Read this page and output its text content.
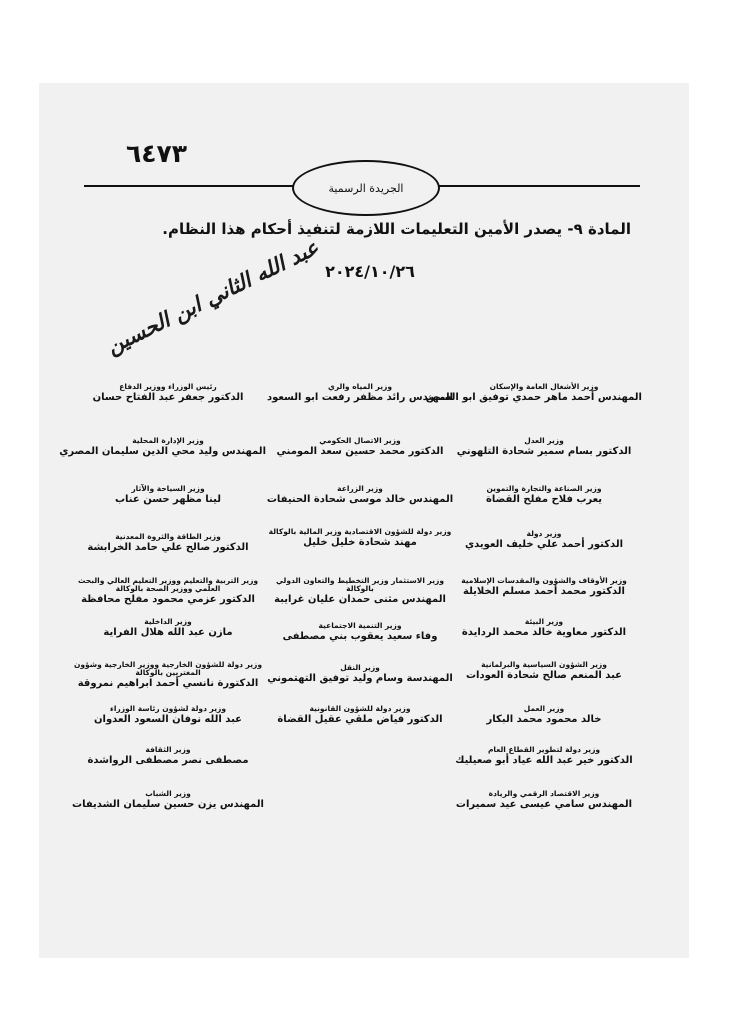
٦٤٧٣
الجريدة الرسمية
المادة ٩- يصدر الأمين التعليمات اللازمة لتنفيذ أحكام هذا النظام.
٢٠٢٤/١٠/٢٦
عبد الله الثاني ابن الحسين
رئيس الوزراء ووزير الدفاع
الدكتور جعفر عبد الفتاح حسان
وزير المياه والري
المهندس رائد مظفر رفعت ابو السعود
وزير الأشغال العامة والإسكان
المهندس أحمد ماهر حمدي توفيق ابو السمن
وزير الإدارة المحلية
المهندس وليد محي الدين سليمان المصري
وزير الاتصال الحكومي
الدكتور محمد حسين سعد المومني
وزير العدل
الدكتور بسام سمير شحادة التلهوني
وزير السياحة والآثار
لينا مظهر حسن عناب
وزير الزراعة
المهندس خالد موسى شحادة الحنيفات
وزير الصناعة والتجارة والتموين
يعرب فلاح مفلح القضاة
وزير الطاقة والثروة المعدنية
الدكتور صالح علي حامد الخرابشة
وزير دولة للشؤون الاقتصادية وزير المالية بالوكالة
مهند شحادة خليل خليل
وزير دولة
الدكتور أحمد علي خليف العويدي
وزير التربية والتعليم ووزير التعليم العالي والبحث العلمي ووزير الصحة بالوكالة
الدكتور عزمي محمود مفلح محافظة
وزير الاستثمار وزير التخطيط والتعاون الدولي بالوكالة
المهندس مثنى حمدان عليان غرايبة
وزير الأوقاف والشؤون والمقدسات الإسلامية
الدكتور محمد أحمد مسلم الخلايلة
وزير الداخلية
مازن عبد الله هلال الفراية
وزير التنمية الاجتماعية
وفاء سعيد يعقوب بني مصطفى
وزير البيئة
الدكتور معاوية خالد محمد الردايدة
وزير دولة للشؤون الخارجية ووزير الخارجية وشؤون المغتربين بالوكالة
الدكتورة نانسي أحمد ابراهيم نمروقة
وزير النقل
المهندسة وسام وليد توفيق التهتموني
وزير الشؤون السياسية والبرلمانية
عبد المنعم صالح شحادة العودات
وزير دولة لشؤون رئاسة الوزراء
عبد الله نوفان السعود العدوان
وزير دولة للشؤون القانونية
الدكتور فياض ملقي عقيل القضاة
وزير العمل
خالد محمود محمد البكار
وزير الثقافة
مصطفى نصر مصطفى الرواشدة
وزير دولة لتطوير القطاع العام
الدكتور خير عبد الله عياد أبو صعيليك
وزير الشباب
المهندس يزن حسين سليمان الشديفات
وزير الاقتصاد الرقمي والريادة
المهندس سامي عيسى عيد سميرات
